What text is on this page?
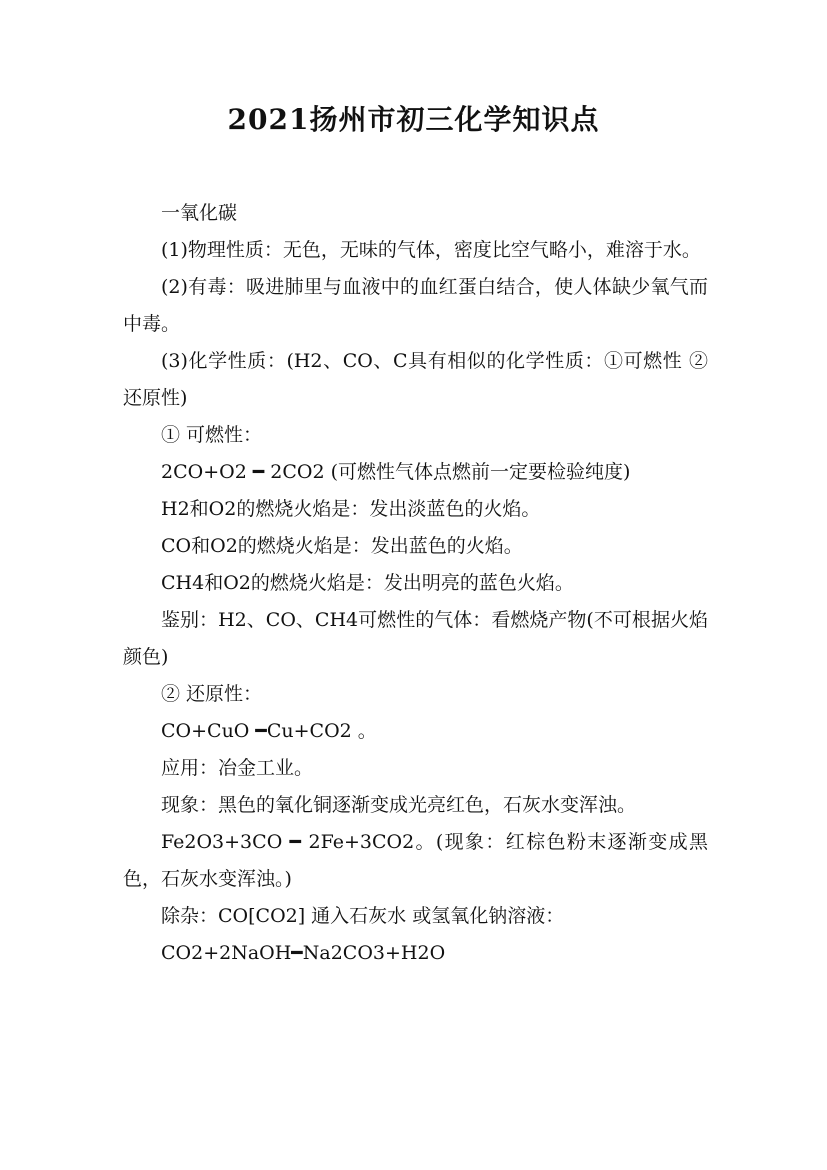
2021扬州市初三化学知识点

一氧化碳

(1)物理性质：无色，无味的气体，密度比空气略小，难溶于水。

(2)有毒：吸进肺里与血液中的血红蛋白结合，使人体缺少氧气而中毒。

(3)化学性质：(H2、CO、C具有相似的化学性质：①可燃性 ②还原性)

① 可燃性：

2CO+O2 ━ 2CO2 (可燃性气体点燃前一定要检验纯度)

H2和O2的燃烧火焰是：发出淡蓝色的火焰。

CO和O2的燃烧火焰是：发出蓝色的火焰。

CH4和O2的燃烧火焰是：发出明亮的蓝色火焰。

鉴别：H2、CO、CH4可燃性的气体：看燃烧产物(不可根据火焰颜色)

② 还原性：

CO+CuO ━Cu+CO2 。

应用：冶金工业。

现象：黑色的氧化铜逐渐变成光亮红色，石灰水变浑浊。

Fe2O3+3CO ━ 2Fe+3CO2。(现象：红棕色粉末逐渐变成黑色，石灰水变浑浊。)

除杂：CO[CO2] 通入石灰水 或氢氧化钠溶液：

CO2+2NaOH━Na2CO3+H2O
